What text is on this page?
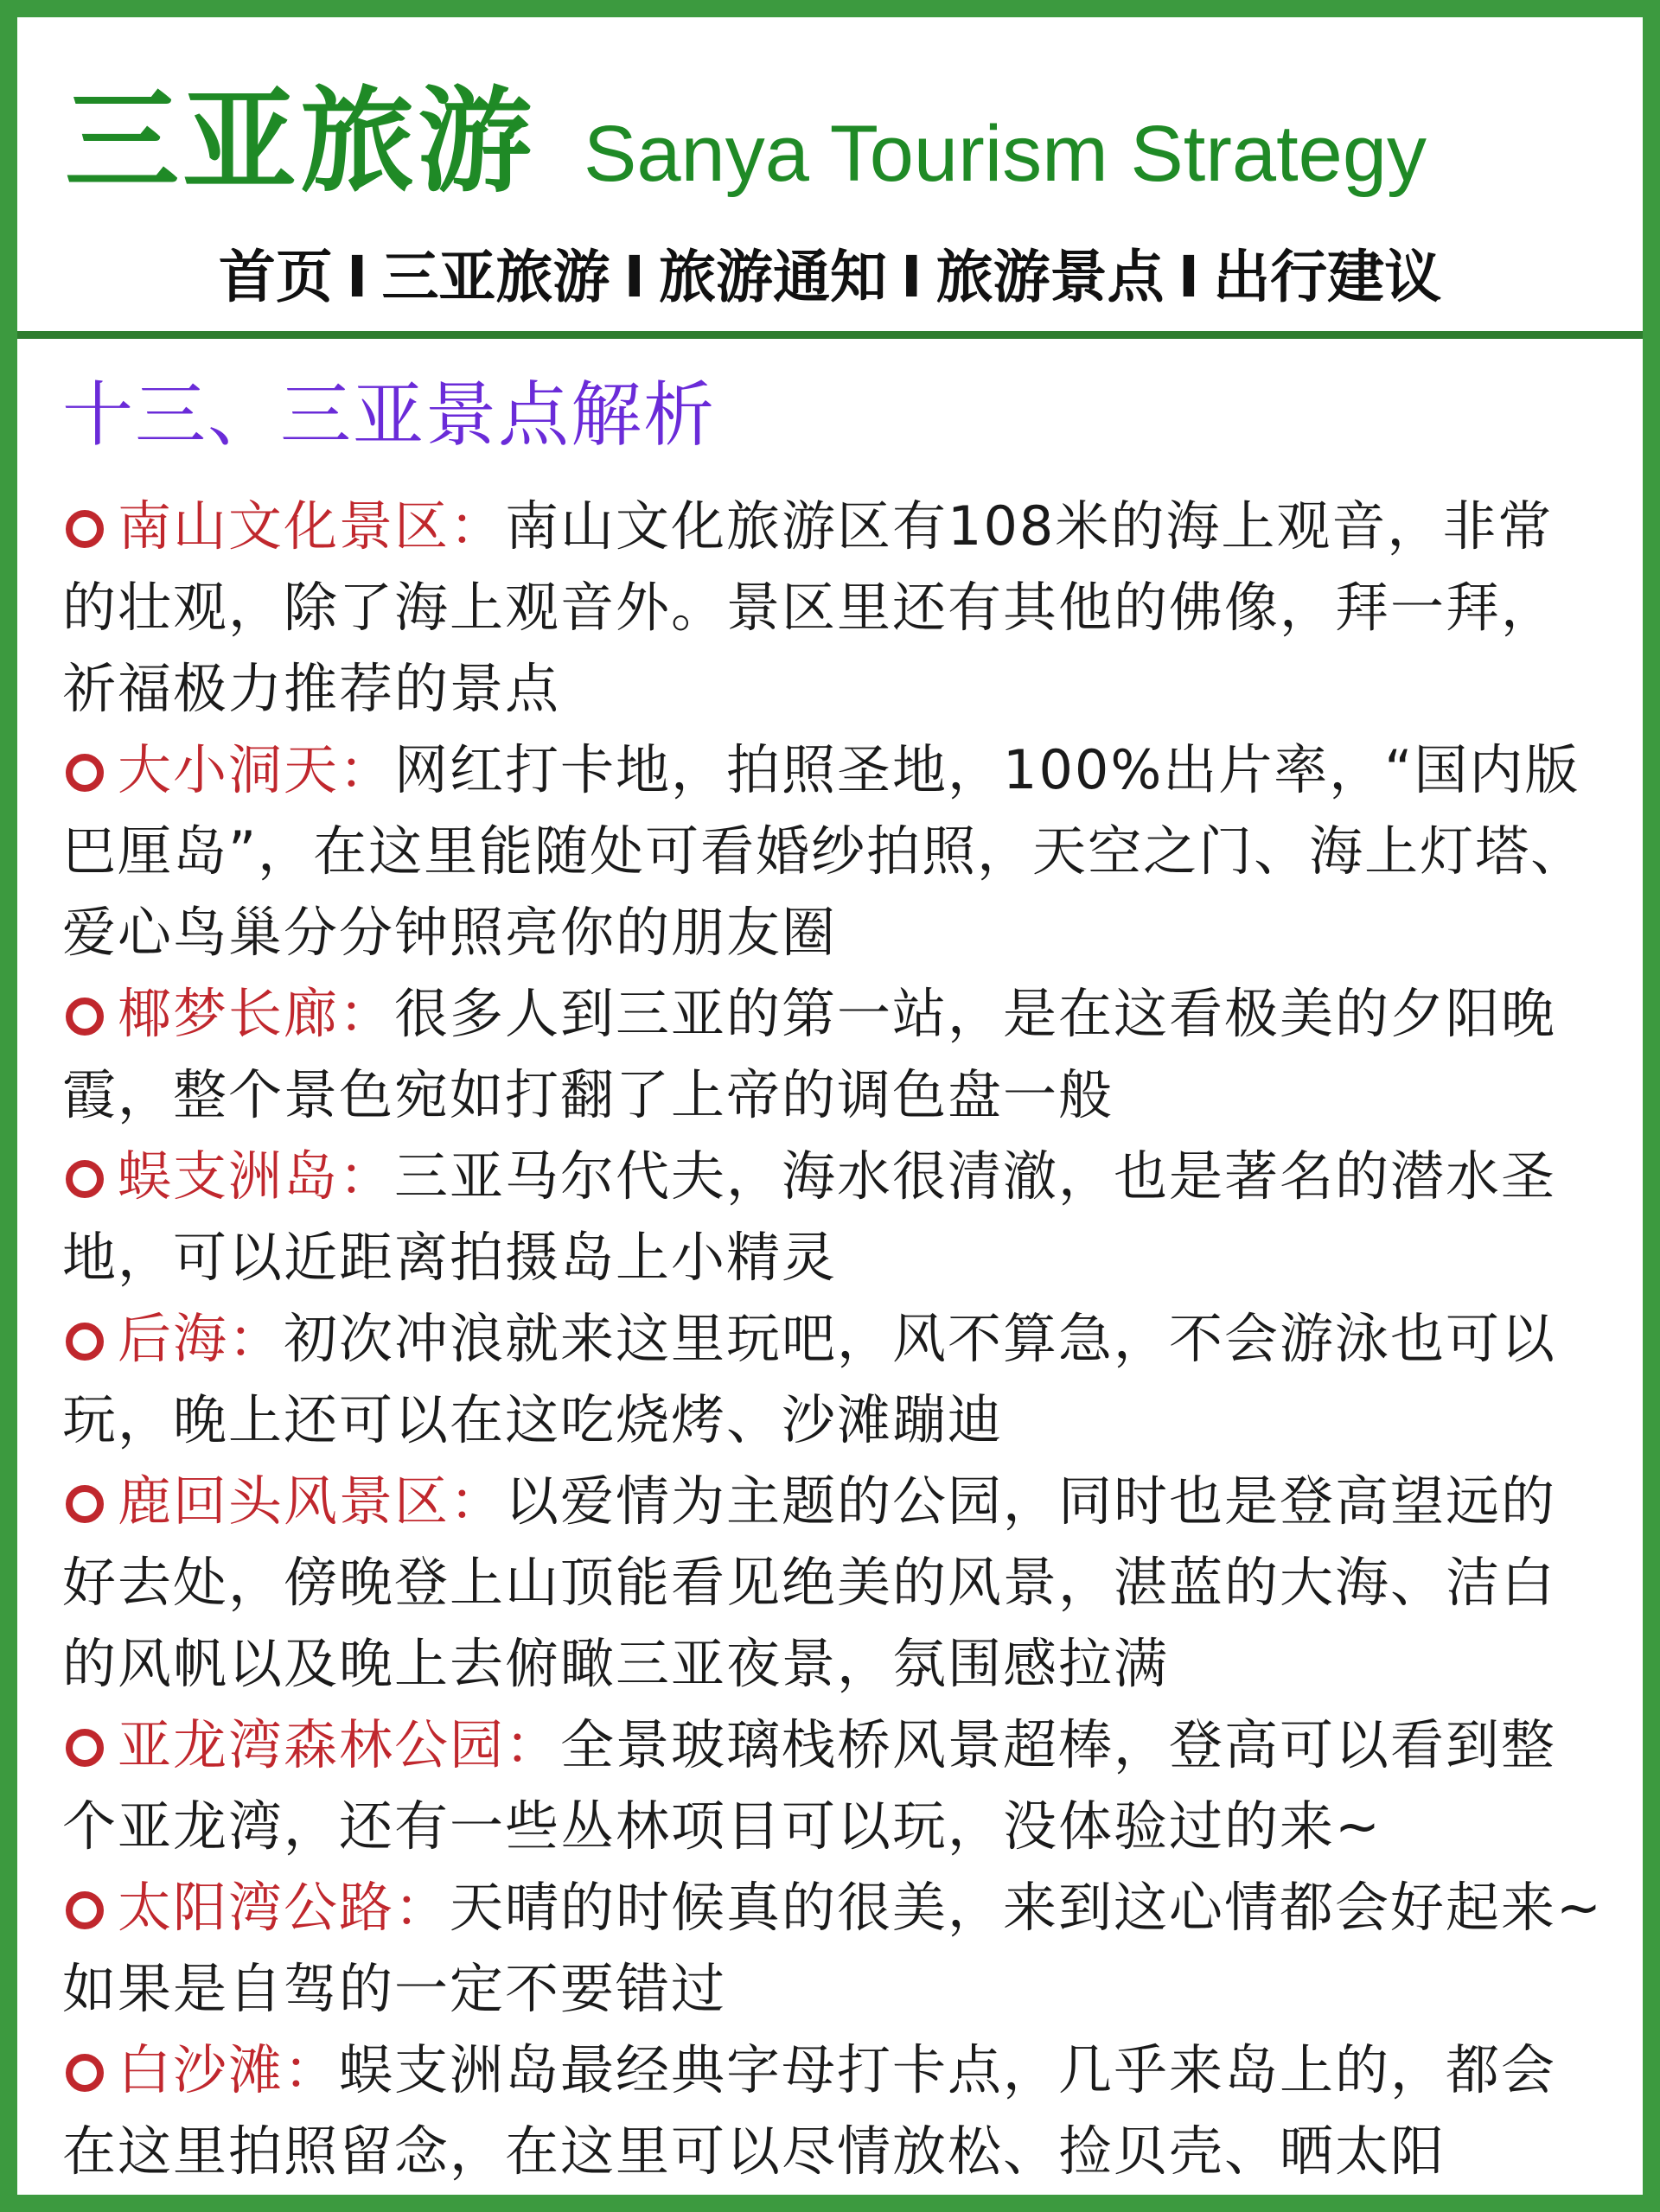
三亚旅游 Sanya Tourism Strategy
首页 I 三亚旅游 I 旅游通知 I 旅游景点 I 出行建议
十三、三亚景点解析

南山文化景区：南山文化旅游区有108米的海上观音，非常的壮观，除了海上观音外。景区里还有其他的佛像，拜一拜，祈福极力推荐的景点

大小洞天：网红打卡地，拍照圣地，100%出片率，“国内版巴厘岛”，在这里能随处可看婚纱拍照，天空之门、海上灯塔、爱心鸟巢分分钟照亮你的朋友圈

椰梦长廊：很多人到三亚的第一站，是在这看极美的夕阳晚霞，整个景色宛如打翻了上帝的调色盘一般

蜈支洲岛：三亚马尔代夫，海水很清澈，也是著名的潜水圣地，可以近距离拍摄岛上小精灵

后海：初次冲浪就来这里玩吧，风不算急，不会游泳也可以玩，晚上还可以在这吃烧烤、沙滩蹦迪

鹿回头风景区：以爱情为主题的公园，同时也是登高望远的好去处，傍晚登上山顶能看见绝美的风景，湛蓝的大海、洁白的风帆以及晚上去俯瞰三亚夜景，氛围感拉满

亚龙湾森林公园：全景玻璃栈桥风景超棒，登高可以看到整个亚龙湾，还有一些丛林项目可以玩，没体验过的来~

太阳湾公路：天晴的时候真的很美，来到这心情都会好起来~如果是自驾的一定不要错过

白沙滩：蜈支洲岛最经典字母打卡点，几乎来岛上的，都会在这里拍照留念，在这里可以尽情放松、捡贝壳、晒太阳
